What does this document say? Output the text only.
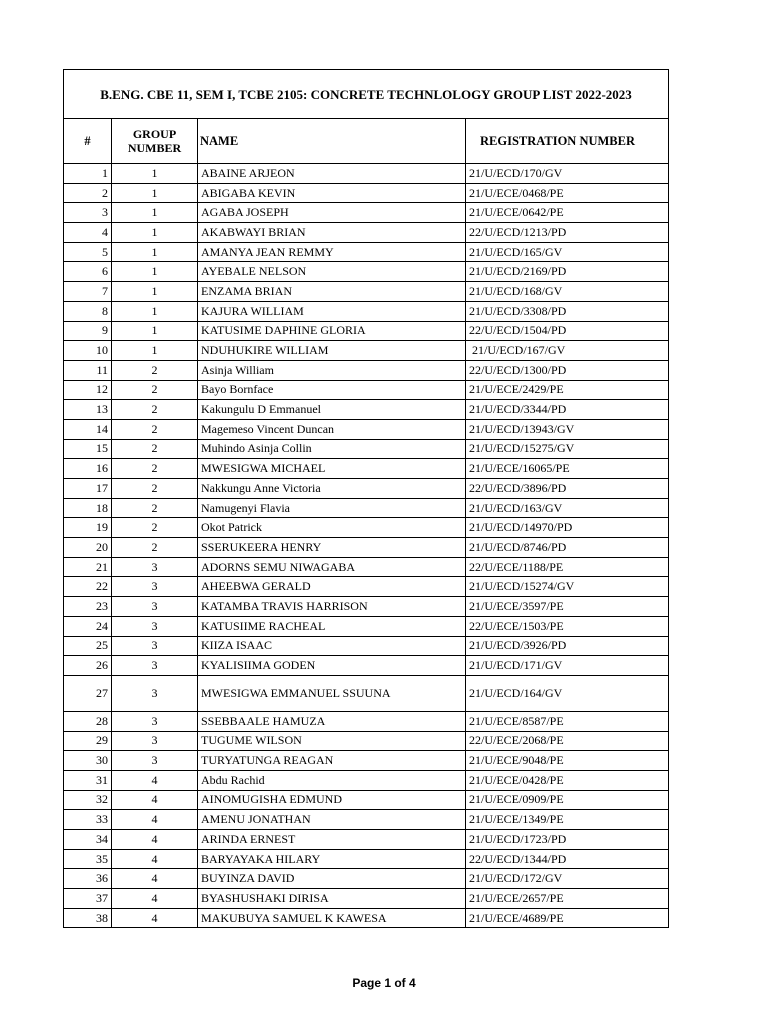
B.ENG. CBE 11, SEM I, TCBE 2105: CONCRETE TECHNLOLOGY GROUP LIST 2022-2023			
#	GROUP NUMBER	NAME	REGISTRATION NUMBER
1	1	ABAINE ARJEON	21/U/ECD/170/GV
2	1	ABIGABA KEVIN	21/U/ECE/0468/PE
3	1	AGABA JOSEPH	21/U/ECE/0642/PE
4	1	AKABWAYI BRIAN	22/U/ECD/1213/PD
5	1	AMANYA JEAN REMMY	21/U/ECD/165/GV
6	1	AYEBALE NELSON	21/U/ECD/2169/PD
7	1	ENZAMA BRIAN	21/U/ECD/168/GV
8	1	KAJURA WILLIAM	21/U/ECD/3308/PD
9	1	KATUSIME DAPHINE GLORIA	22/U/ECD/1504/PD
10	1	NDUHUKIRE WILLIAM	21/U/ECD/167/GV
11	2	Asinja William	22/U/ECD/1300/PD
12	2	Bayo Bornface	21/U/ECE/2429/PE
13	2	Kakungulu D Emmanuel	21/U/ECD/3344/PD
14	2	Magemeso Vincent Duncan	21/U/ECD/13943/GV
15	2	Muhindo Asinja Collin	21/U/ECD/15275/GV
16	2	MWESIGWA MICHAEL	21/U/ECE/16065/PE
17	2	Nakkungu Anne Victoria	22/U/ECD/3896/PD
18	2	Namugenyi Flavia	21/U/ECD/163/GV
19	2	Okot Patrick	21/U/ECD/14970/PD
20	2	SSERUKEERA HENRY	21/U/ECD/8746/PD
21	3	ADORNS SEMU NIWAGABA	22/U/ECE/1188/PE
22	3	AHEEBWA GERALD	21/U/ECD/15274/GV
23	3	KATAMBA TRAVIS HARRISON	21/U/ECE/3597/PE
24	3	KATUSIIME RACHEAL	22/U/ECE/1503/PE
25	3	KIIZA ISAAC	21/U/ECD/3926/PD
26	3	KYALISIIMA GODEN	21/U/ECD/171/GV
27	3	MWESIGWA EMMANUEL SSUUNA	21/U/ECD/164/GV
28	3	SSEBBAALE HAMUZA	21/U/ECE/8587/PE
29	3	TUGUME WILSON	22/U/ECE/2068/PE
30	3	TURYATUNGA REAGAN	21/U/ECE/9048/PE
31	4	Abdu Rachid	21/U/ECE/0428/PE
32	4	AINOMUGISHA EDMUND	21/U/ECE/0909/PE
33	4	AMENU JONATHAN	21/U/ECE/1349/PE
34	4	ARINDA ERNEST	21/U/ECD/1723/PD
35	4	BARYAYAKA HILARY	22/U/ECD/1344/PD
36	4	BUYINZA DAVID	21/U/ECD/172/GV
37	4	BYASHUSHAKI DIRISA	21/U/ECE/2657/PE
38	4	MAKUBUYA SAMUEL K KAWESA	21/U/ECE/4689/PE
Page 1 of 4
